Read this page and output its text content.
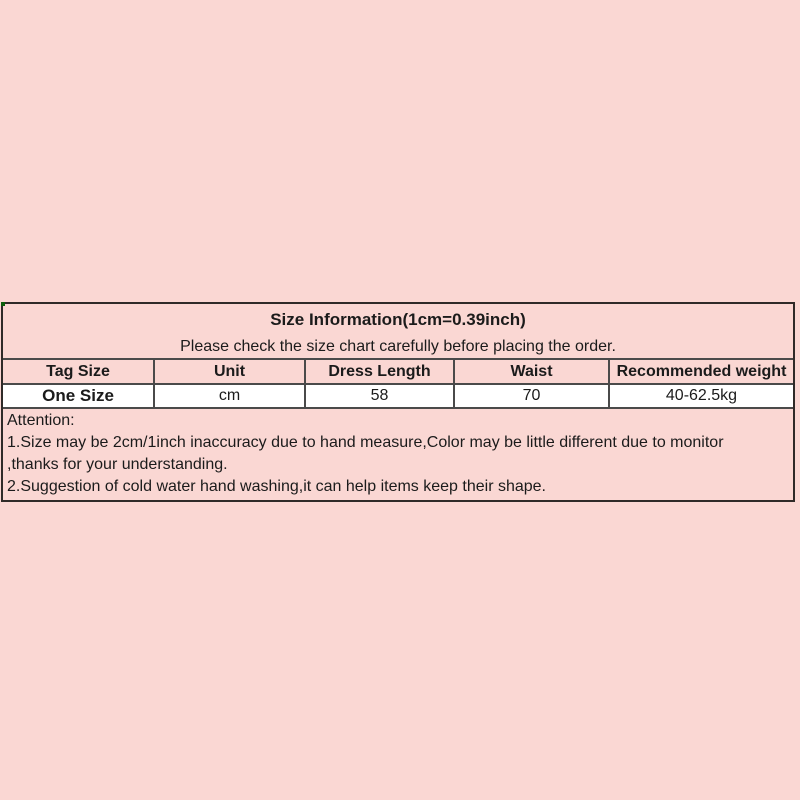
Size Information(1cm=0.39inch)
Please check the size chart carefully before placing the order.
Tag Size	Unit	Dress Length	Waist	Recommended weight
One Size	cm	58	70	40-62.5kg
Attention:
1.Size may be 2cm/1inch inaccuracy due to hand measure,Color may be little different due to monitor
,thanks for your understanding.
2.Suggestion of cold water hand washing,it can help items keep their shape.
